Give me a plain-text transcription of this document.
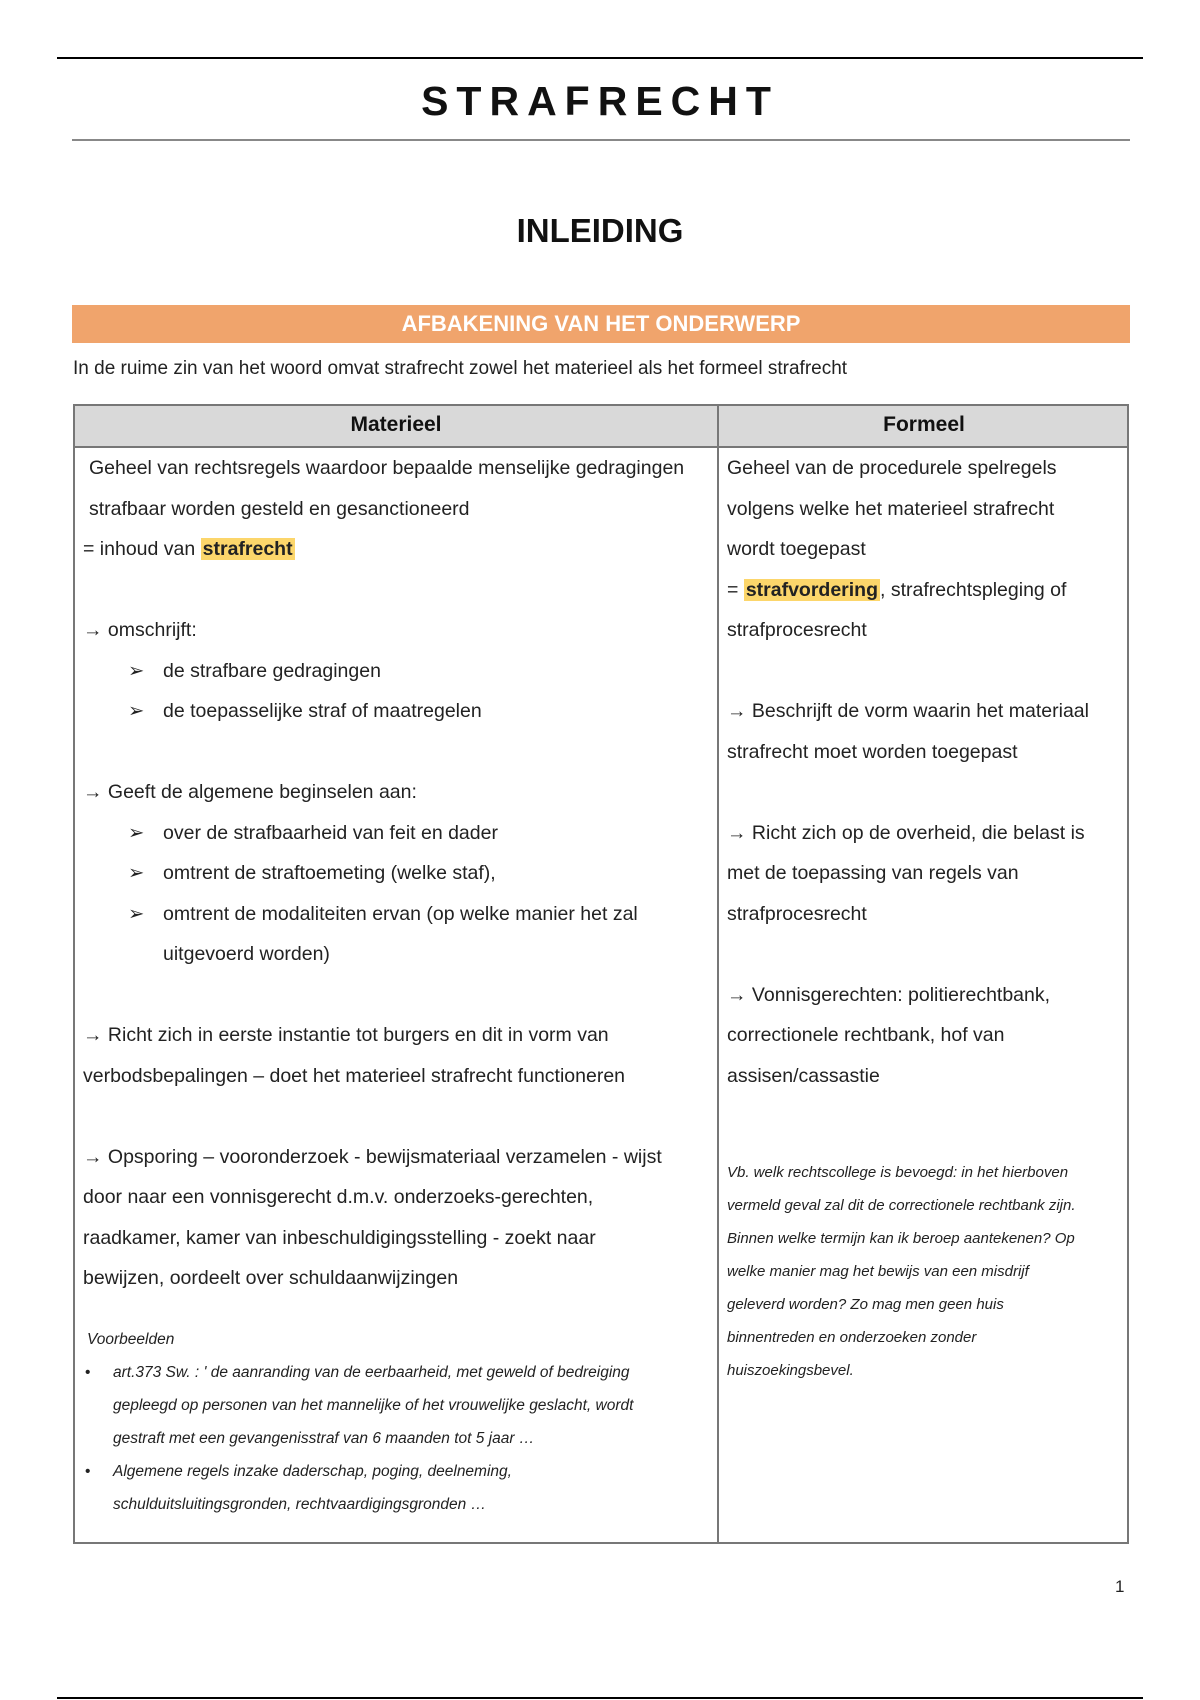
STRAFRECHT
INLEIDING
AFBAKENING VAN HET ONDERWERP
In de ruime zin van het woord omvat strafrecht zowel het materieel als het formeel strafrecht
Materieel	Formeel

Geheel van rechtsregels waardoor bepaalde menselijke gedragingen

strafbaar worden gesteld en gesanctioneerd

= inhoud van strafrecht

→ omschrijft:

➢ de strafbare gedragingen

➢ de toepasselijke straf of maatregelen

→ Geeft de algemene beginselen aan:

➢ over de strafbaarheid van feit en dader

➢ omtrent de straftoemeting (welke staf),

➢ omtrent de modaliteiten ervan (op welke manier het zal

uitgevoerd worden)

→ Richt zich in eerste instantie tot burgers en dit in vorm van

verbodsbepalingen – doet het materieel strafrecht functioneren

→ Opsporing – vooronderzoek - bewijsmateriaal verzamelen - wijst

door naar een vonnisgerecht d.m.v. onderzoeks-gerechten,

raadkamer, kamer van inbeschuldigingsstelling - zoekt naar

bewijzen, oordeelt over schuldaanwijzingen

Voorbeelden
• art.373 Sw. : ' de aanranding van de eerbaarheid, met geweld of bedreiging
gepleegd op personen van het mannelijke of het vrouwelijke geslacht, wordt
gestraft met een gevangenisstraf van 6 maanden tot 5 jaar …
• Algemene regels inzake daderschap, poging, deelneming,
schulduitsluitingsgronden, rechtvaardigingsgronden …

Geheel van de procedurele spelregels

volgens welke het materieel strafrecht

wordt toegepast

= strafvordering , strafrechtspleging of

strafprocesrecht

→ Beschrijft de vorm waarin het materiaal

strafrecht moet worden toegepast

→ Richt zich op de overheid, die belast is

met de toepassing van regels van

strafprocesrecht

→ Vonnisgerechten: politierechtbank,

correctionele rechtbank, hof van

assisen/cassastie

Vb. welk rechtscollege is bevoegd: in het hierboven
vermeld geval zal dit de correctionele rechtbank zijn.
Binnen welke termijn kan ik beroep aantekenen? Op
welke manier mag het bewijs van een misdrijf
geleverd worden? Zo mag men geen huis
binnentreden en onderzoeken zonder
huiszoekingsbevel.
1
